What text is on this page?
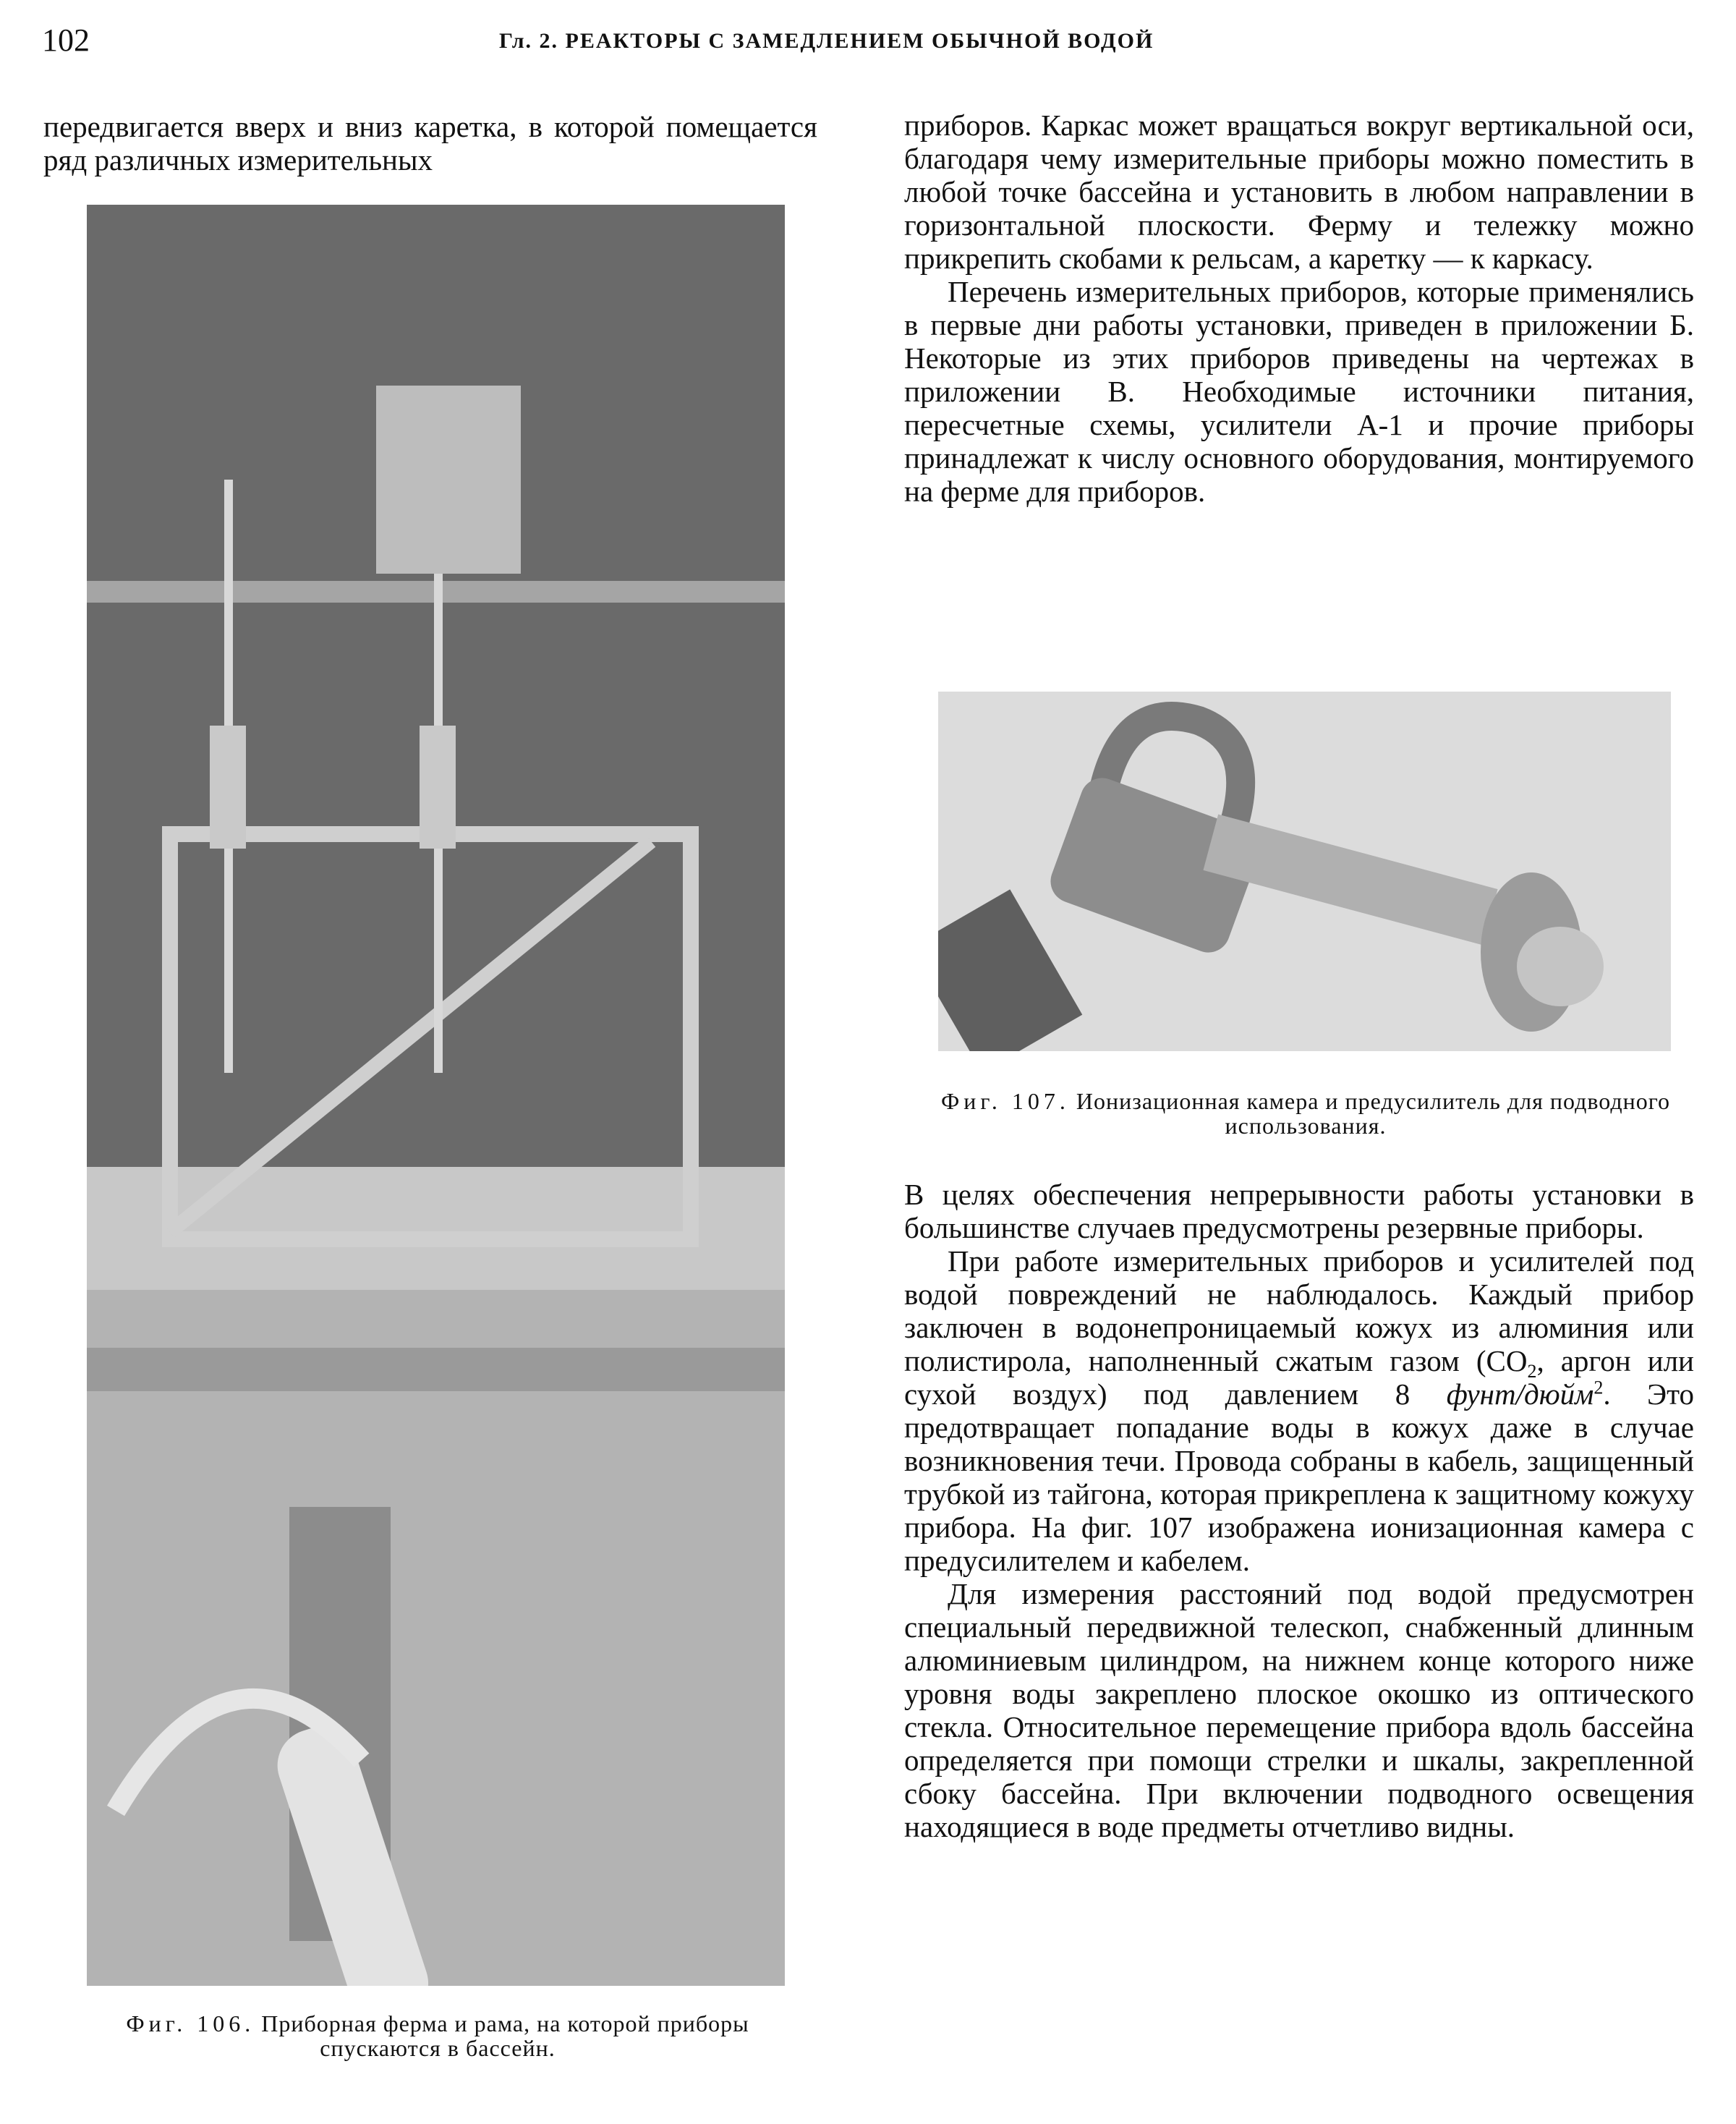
102	Гл. 2. РЕАКТОРЫ С ЗАМЕДЛЕНИЕМ ОБЫЧНОЙ ВОДОЙ

передвигается вверх и вниз каретка, в которой помещается ряд различных измерительных

Фиг. 106. Приборная ферма и рама, на которой приборы спускаются в бассейн.

приборов. Каркас может вращаться вокруг вертикальной оси, благодаря чему измерительные приборы можно поместить в любой точке бассейна и установить в любом направлении в горизонтальной плоскости. Ферму и тележку можно прикрепить скобами к рельсам, а каретку — к каркасу.

Перечень измерительных приборов, которые применялись в первые дни работы установки, приведен в приложении Б. Некоторые из этих приборов приведены на чертежах в приложении В. Необходимые источники питания, пересчетные схемы, усилители А-1 и прочие приборы принадлежат к числу основного оборудования, монтируемого на ферме для приборов.

Фиг. 107. Ионизационная камера и предусилитель для подводного использования.

В целях обеспечения непрерывности работы установки в большинстве случаев предусмотрены резервные приборы.

При работе измерительных приборов и усилителей под водой повреждений не наблюдалось. Каждый прибор заключен в водонепроницаемый кожух из алюминия или полистирола, наполненный сжатым газом ($CO_2$, аргон или сухой воздух) под давлением 8 фунт/дюйм$^2$. Это предотвращает попадание воды в кожух даже в случае возникновения течи. Провода собраны в кабель, защищенный трубкой из тайгона, которая прикреплена к защитному кожуху прибора. На фиг. 107 изображена ионизационная камера с предусилителем и кабелем.

Для измерения расстояний под водой предусмотрен специальный передвижной телескоп, снабженный длинным алюминиевым цилиндром, на нижнем конце которого ниже уровня воды закреплено плоское окошко из оптического стекла. Относительное перемещение прибора вдоль бассейна определяется при помощи стрелки и шкалы, закрепленной сбоку бассейна. При включении подводного освещения находящиеся в воде предметы отчетливо видны.
